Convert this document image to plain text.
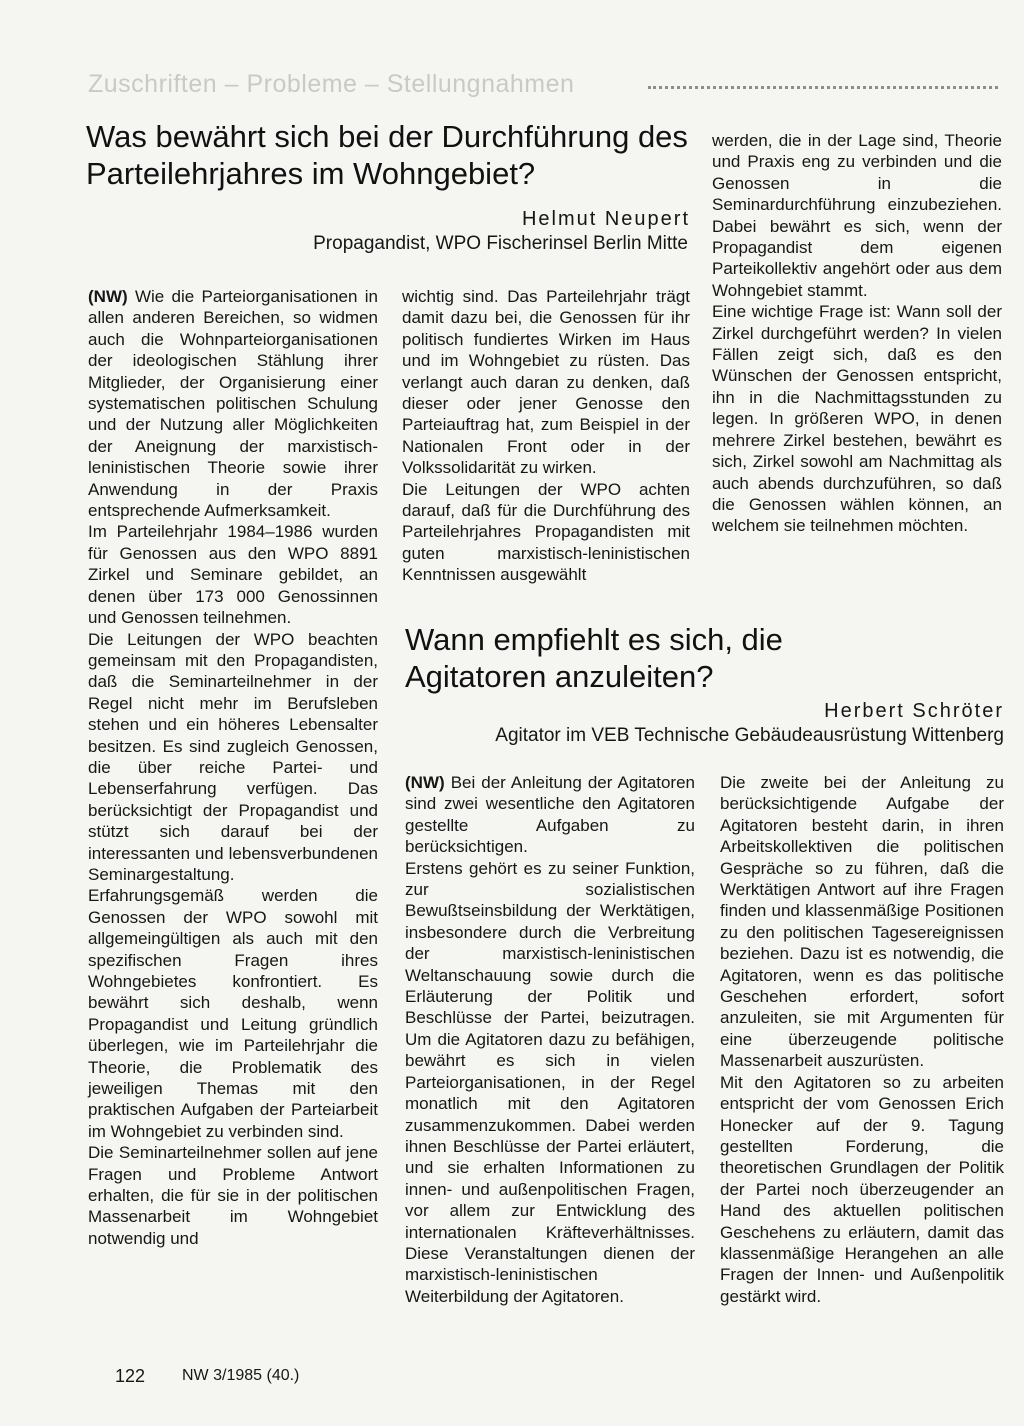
Zuschriften – Probleme – Stellungnahmen
Was bewährt sich bei der Durchführung des Parteilehrjahres im Wohngebiet?
Helmut Neupert
Propagandist, WPO Fischerinsel Berlin Mitte

(NW) Wie die Parteiorganisationen in allen anderen Bereichen, so widmen auch die Wohnparteiorganisationen der ideologischen Stählung ihrer Mitglieder, der Organisierung einer systematischen politischen Schulung und der Nutzung aller Möglichkeiten der Aneignung der marxistisch-leninistischen Theorie sowie ihrer Anwendung in der Praxis entsprechende Aufmerksamkeit.

Im Parteilehrjahr 1984–1986 wurden für Genossen aus den WPO 8891 Zirkel und Seminare gebildet, an denen über 173 000 Genossinnen und Genossen teilnehmen.

Die Leitungen der WPO beachten gemeinsam mit den Propagandisten, daß die Seminarteilnehmer in der Regel nicht mehr im Berufsleben stehen und ein höheres Lebensalter besitzen. Es sind zugleich Genossen, die über reiche Partei- und Lebenserfahrung verfügen. Das berücksichtigt der Propagandist und stützt sich darauf bei der interessanten und lebensverbundenen Seminargestaltung.

Erfahrungsgemäß werden die Genossen der WPO sowohl mit allgemeingültigen als auch mit den spezifischen Fragen ihres Wohngebietes konfrontiert. Es bewährt sich deshalb, wenn Propagandist und Leitung gründlich überlegen, wie im Parteilehrjahr die Theorie, die Problematik des jeweiligen Themas mit den praktischen Aufgaben der Parteiarbeit im Wohngebiet zu verbinden sind.

Die Seminarteilnehmer sollen auf jene Fragen und Probleme Antwort erhalten, die für sie in der politischen Massenarbeit im Wohngebiet notwendig und

wichtig sind. Das Parteilehrjahr trägt damit dazu bei, die Genossen für ihr politisch fundiertes Wirken im Haus und im Wohngebiet zu rüsten. Das verlangt auch daran zu denken, daß dieser oder jener Genosse den Parteiauftrag hat, zum Beispiel in der Nationalen Front oder in der Volkssolidarität zu wirken.

Die Leitungen der WPO achten darauf, daß für die Durchführung des Parteilehrjahres Propagandisten mit guten marxistisch-leninistischen Kenntnissen ausgewählt

werden, die in der Lage sind, Theorie und Praxis eng zu verbinden und die Genossen in die Seminardurchführung einzubeziehen. Dabei bewährt es sich, wenn der Propagandist dem eigenen Parteikollektiv angehört oder aus dem Wohngebiet stammt.

Eine wichtige Frage ist: Wann soll der Zirkel durchgeführt werden? In vielen Fällen zeigt sich, daß es den Wünschen der Genossen entspricht, ihn in die Nachmittagsstunden zu legen. In größeren WPO, in denen mehrere Zirkel bestehen, bewährt es sich, Zirkel sowohl am Nachmittag als auch abends durchzuführen, so daß die Genossen wählen können, an welchem sie teilnehmen möchten.

Wann empfiehlt es sich, die Agitatoren anzuleiten?
Herbert Schröter
Agitator im VEB Technische Gebäudeausrüstung Wittenberg

(NW) Bei der Anleitung der Agitatoren sind zwei wesentliche den Agitatoren gestellte Aufgaben zu berücksichtigen.

Erstens gehört es zu seiner Funktion, zur sozialistischen Bewußtseinsbildung der Werktätigen, insbesondere durch die Verbreitung der marxistisch-leninistischen Weltanschauung sowie durch die Erläuterung der Politik und Beschlüsse der Partei, beizutragen. Um die Agitatoren dazu zu befähigen, bewährt es sich in vielen Parteiorganisationen, in der Regel monatlich mit den Agitatoren zusammenzukommen. Dabei werden ihnen Beschlüsse der Partei erläutert, und sie erhalten Informationen zu innen- und außenpolitischen Fragen, vor allem zur Entwicklung des internationalen Kräfteverhältnisses. Diese Veranstaltungen dienen der marxistisch-leninistischen Weiterbildung der Agitatoren.

Die zweite bei der Anleitung zu berücksichtigende Aufgabe der Agitatoren besteht darin, in ihren Arbeitskollektiven die politischen Gespräche so zu führen, daß die Werktätigen Antwort auf ihre Fragen finden und klassenmäßige Positionen zu den politischen Tagesereignissen beziehen. Dazu ist es notwendig, die Agitatoren, wenn es das politische Geschehen erfordert, sofort anzuleiten, sie mit Argumenten für eine überzeugende politische Massenarbeit auszurüsten.

Mit den Agitatoren so zu arbeiten entspricht der vom Genossen Erich Honecker auf der 9. Tagung gestellten Forderung, die theoretischen Grundlagen der Politik der Partei noch überzeugender an Hand des aktuellen politischen Geschehens zu erläutern, damit das klassenmäßige Herangehen an alle Fragen der Innen- und Außenpolitik gestärkt wird.

122 NW 3/1985 (40.)
